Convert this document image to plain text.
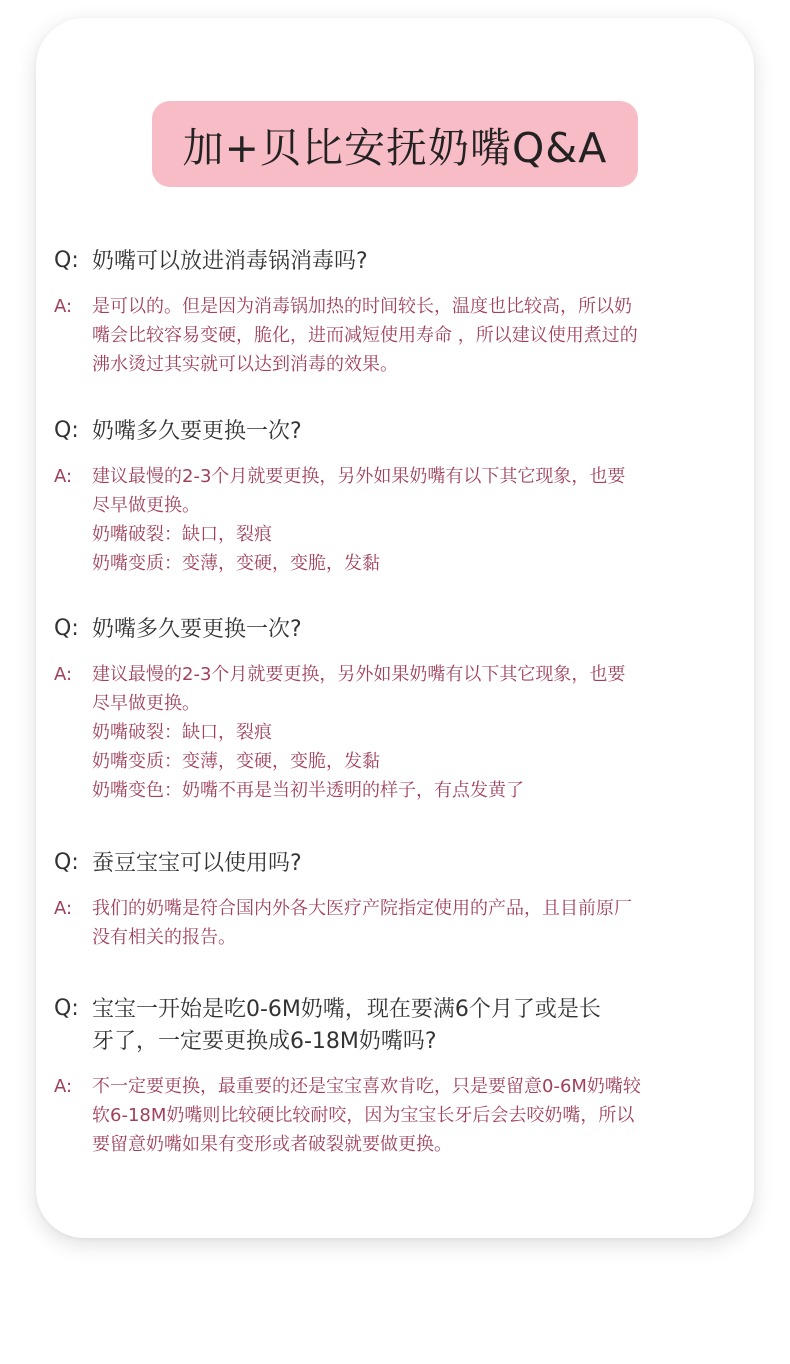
加+贝比安抚奶嘴Q&A
Q: 奶嘴可以放进消毒锅消毒吗?
A:	是可以的。但是因为消毒锅加热的时间较长，温度也比较高，所以奶
嘴会比较容易变硬，脆化，进而减短使用寿命 ，所以建议使用煮过的
沸水烫过其实就可以达到消毒的效果。
Q: 奶嘴多久要更换一次?
A:	建议最慢的2-3个月就要更换，另外如果奶嘴有以下其它现象，也要
尽早做更换。
奶嘴破裂：缺口，裂痕
奶嘴变质：变薄，变硬，变脆，发黏
Q: 奶嘴多久要更换一次?
A:	建议最慢的2-3个月就要更换，另外如果奶嘴有以下其它现象，也要
尽早做更换。
奶嘴破裂：缺口，裂痕
奶嘴变质：变薄，变硬，变脆，发黏
奶嘴变色：奶嘴不再是当初半透明的样子，有点发黄了
Q: 蚕豆宝宝可以使用吗?
A:	我们的奶嘴是符合国内外各大医疗产院指定使用的产品，且目前原厂
没有相关的报告。
Q: 宝宝一开始是吃0-6M奶嘴，现在要满6个月了或是长
牙了，一定要更换成6-18M奶嘴吗?
A:	不一定要更换，最重要的还是宝宝喜欢肯吃，只是要留意0-6M奶嘴较
软6-18M奶嘴则比较硬比较耐咬，因为宝宝长牙后会去咬奶嘴，所以
要留意奶嘴如果有变形或者破裂就要做更换。
